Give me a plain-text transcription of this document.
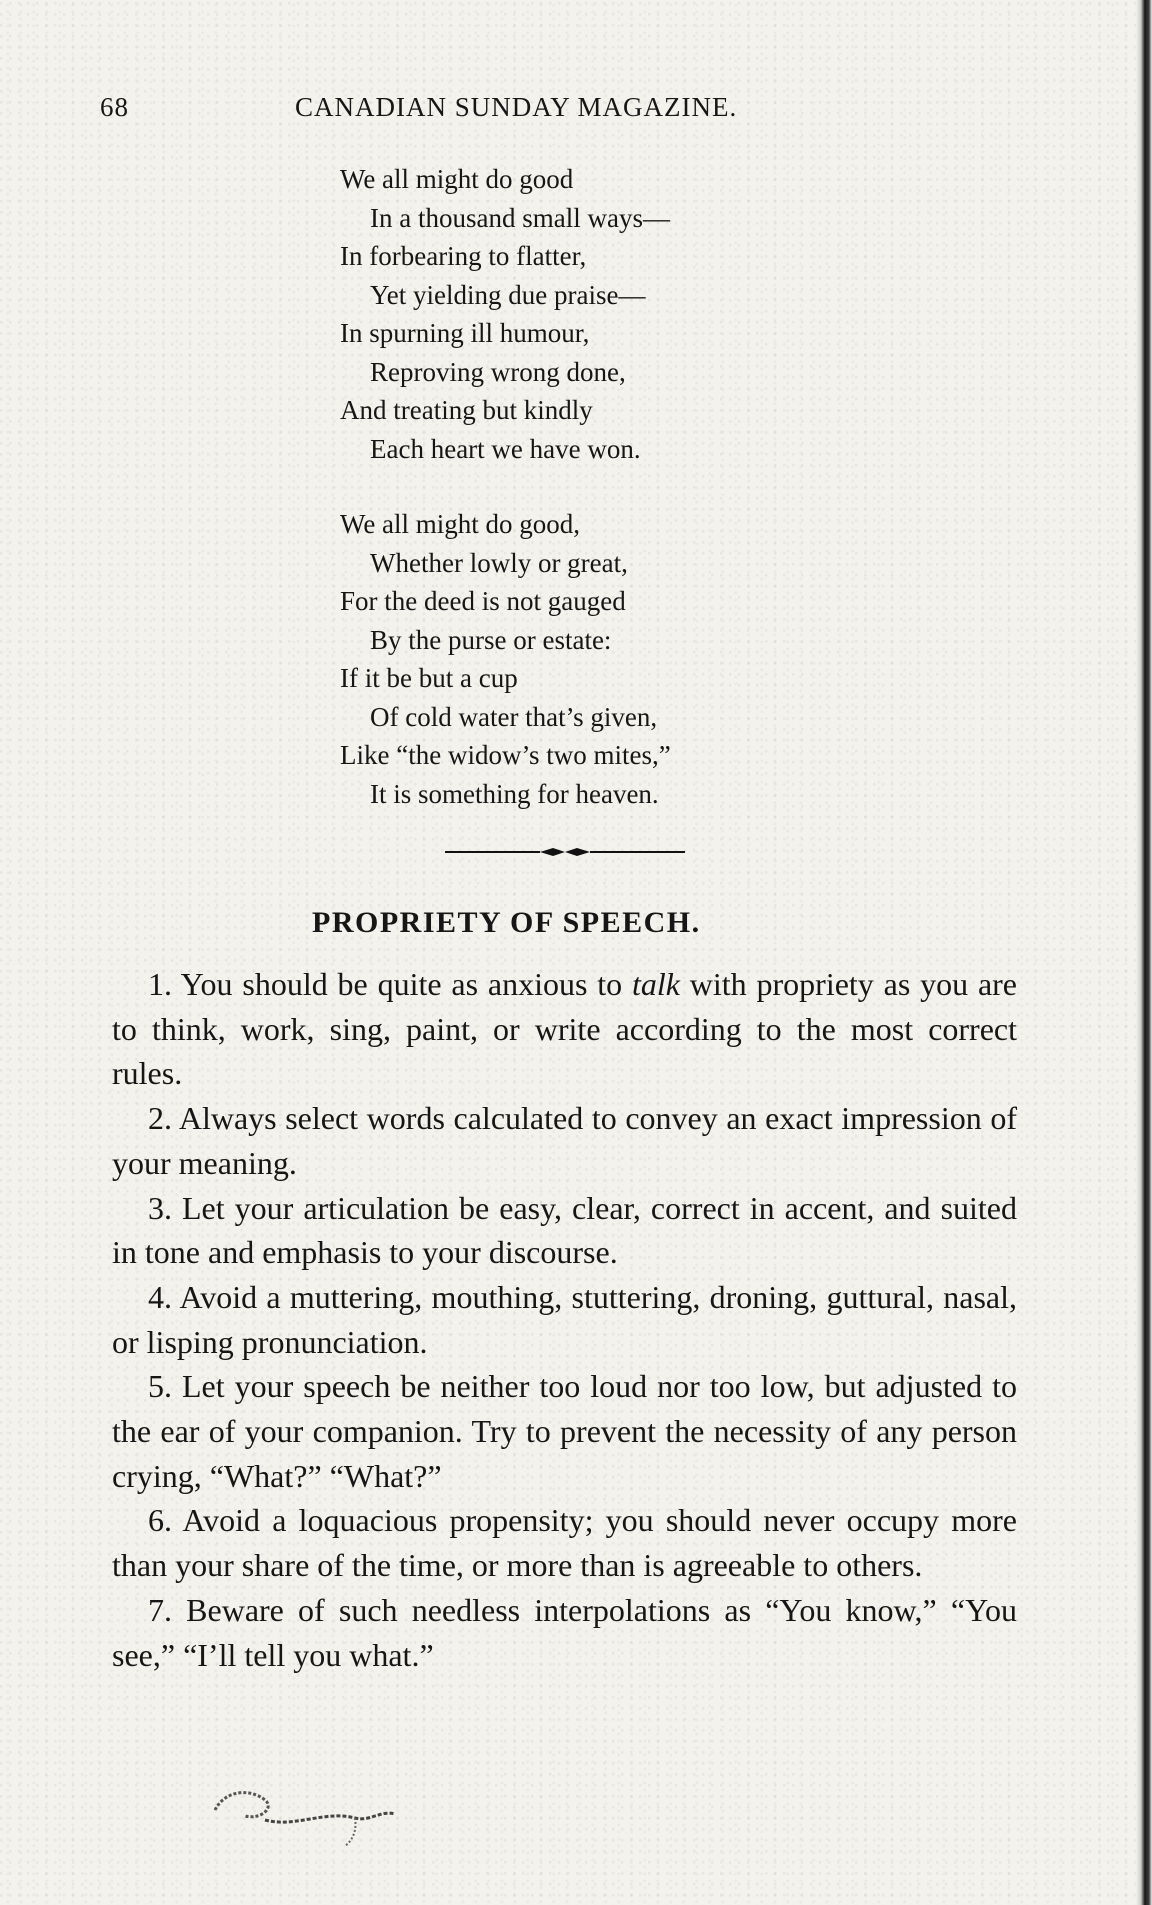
68	CANADIAN SUNDAY MAGAZINE.
We all might do good
In a thousand small ways—
In forbearing to flatter,
Yet yielding due praise—
In spurning ill humour,
Reproving wrong done,
And treating but kindly
Each heart we have won.
We all might do good,
Whether lowly or great,
For the deed is not gauged
By the purse or estate:
If it be but a cup
Of cold water that’s given,
Like “the widow’s two mites,”
It is something for heaven.
PROPRIETY OF SPEECH.

1. You should be quite as anxious to talk with propriety as you are to think, work, sing, paint, or write according to the most correct rules.

2. Always select words calculated to convey an exact impression of your meaning.

3. Let your articulation be easy, clear, correct in accent, and suited in tone and emphasis to your discourse.

4. Avoid a muttering, mouthing, stuttering, droning, guttural, nasal, or lisping pronunciation.

5. Let your speech be neither too loud nor too low, but adjusted to the ear of your companion. Try to prevent the necessity of any person crying, “What?” “What?”

6. Avoid a loquacious propensity; you should never occupy more than your share of the time, or more than is agreeable to others.

7. Beware of such needless interpolations as “You know,” “You see,” “I’ll tell you what.”
